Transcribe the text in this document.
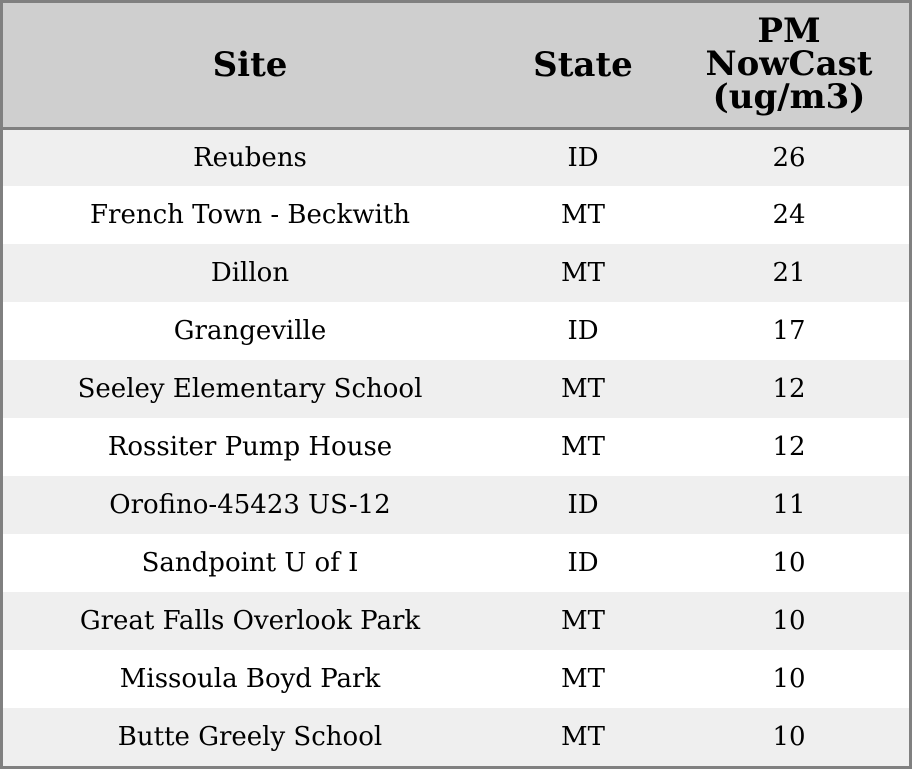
Site	State	PM
NowCast
(ug/m3)
Reubens	ID	26
French Town - Beckwith	MT	24
Dillon	MT	21
Grangeville	ID	17
Seeley Elementary School	MT	12
Rossiter Pump House	MT	12
Orofino-45423 US-12	ID	11
Sandpoint U of I	ID	10
Great Falls Overlook Park	MT	10
Missoula Boyd Park	MT	10
Butte Greely School	MT	10
